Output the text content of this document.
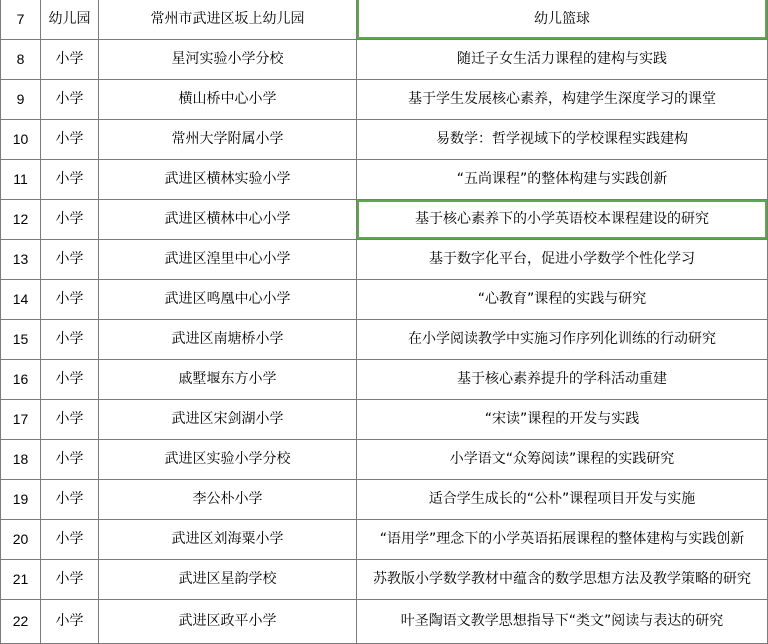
7	幼儿园	常州市武进区坂上幼儿园	幼儿篮球
8	小学	星河实验小学分校	随迁子女生活力课程的建构与实践
9	小学	横山桥中心小学	基于学生发展核心素养，构建学生深度学习的课堂
10	小学	常州大学附属小学	易数学：哲学视域下的学校课程实践建构
11	小学	武进区横林实验小学	“五尚课程”的整体构建与实践创新
12	小学	武进区横林中心小学	基于核心素养下的小学英语校本课程建设的研究
13	小学	武进区湟里中心小学	基于数字化平台，促进小学数学个性化学习
14	小学	武进区鸣凰中心小学	“心教育”课程的实践与研究
15	小学	武进区南塘桥小学	在小学阅读教学中实施习作序列化训练的行动研究
16	小学	戚墅堰东方小学	基于核心素养提升的学科活动重建
17	小学	武进区宋剑湖小学	“宋读”课程的开发与实践
18	小学	武进区实验小学分校	小学语文“众筹阅读”课程的实践研究
19	小学	李公朴小学	适合学生成长的“公朴”课程项目开发与实施
20	小学	武进区刘海粟小学	“语用学”理念下的小学英语拓展课程的整体建构与实践创新
21	小学	武进区星韵学校	苏教版小学数学教材中蕴含的数学思想方法及教学策略的研究
22	小学	武进区政平小学	叶圣陶语文教学思想指导下“类文”阅读与表达的研究
